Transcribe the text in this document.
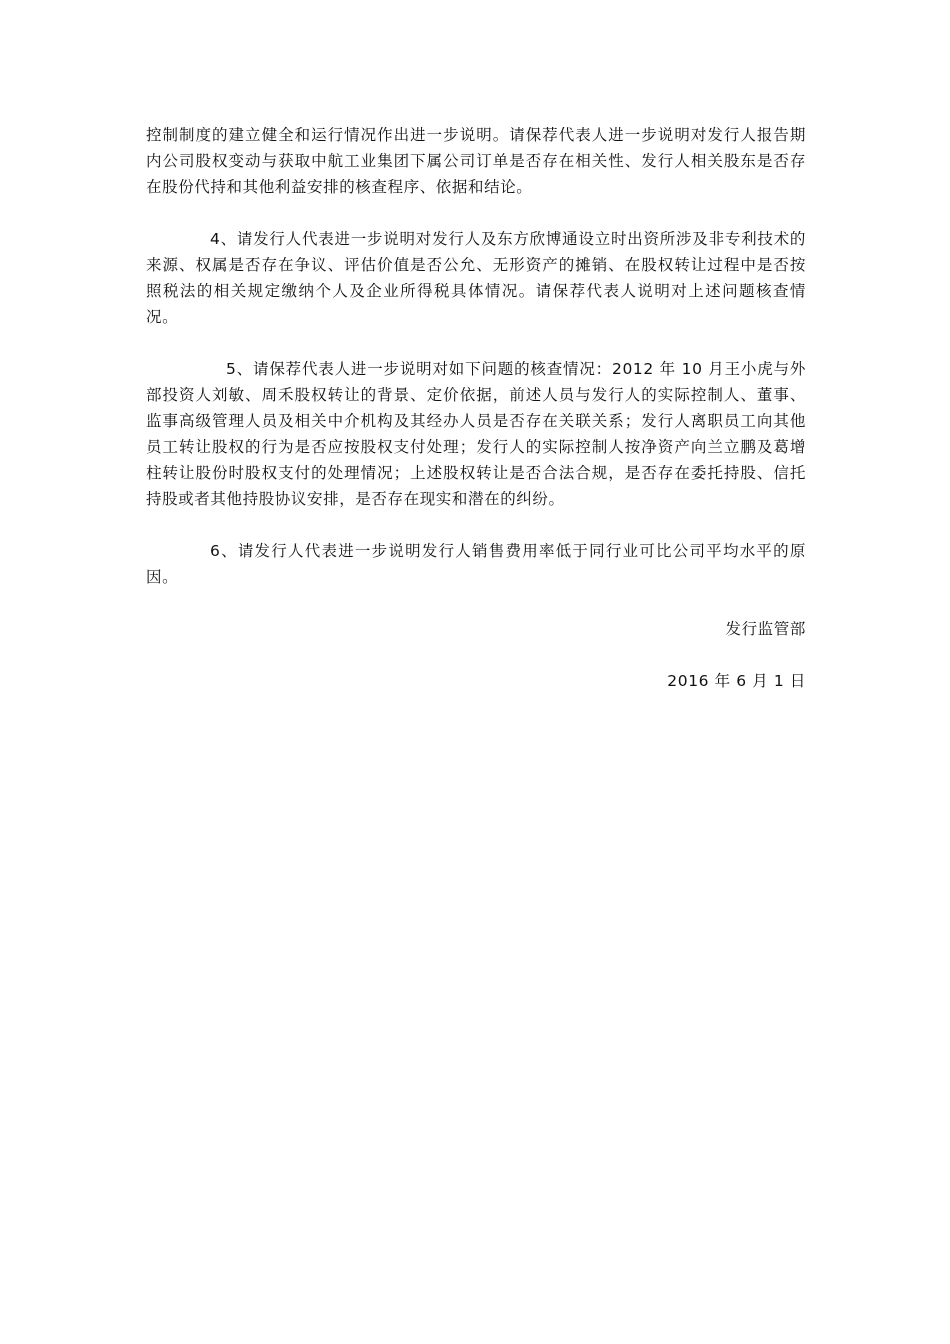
控制制度的建立健全和运行情况作出进一步说明。请保荐代表人进一步说明对发行人报告期内公司股权变动与获取中航工业集团下属公司订单是否存在相关性、发行人相关股东是否存在股份代持和其他利益安排的核查程序、依据和结论。

4、请发行人代表进一步说明对发行人及东方欣博通设立时出资所涉及非专利技术的来源、权属是否存在争议、评估价值是否公允、无形资产的摊销、在股权转让过程中是否按照税法的相关规定缴纳个人及企业所得税具体情况。请保荐代表人说明对上述问题核查情况。

5、请保荐代表人进一步说明对如下问题的核查情况：2012 年 10 月王小虎与外部投资人刘敏、周禾股权转让的背景、定价依据，前述人员与发行人的实际控制人、董事、监事高级管理人员及相关中介机构及其经办人员是否存在关联关系；发行人离职员工向其他员工转让股权的行为是否应按股权支付处理；发行人的实际控制人按净资产向兰立鹏及葛增柱转让股份时股权支付的处理情况；上述股权转让是否合法合规，是否存在委托持股、信托持股或者其他持股协议安排，是否存在现实和潜在的纠纷。

6、请发行人代表进一步说明发行人销售费用率低于同行业可比公司平均水平的原因。

发行监管部

2016 年 6 月 1 日
